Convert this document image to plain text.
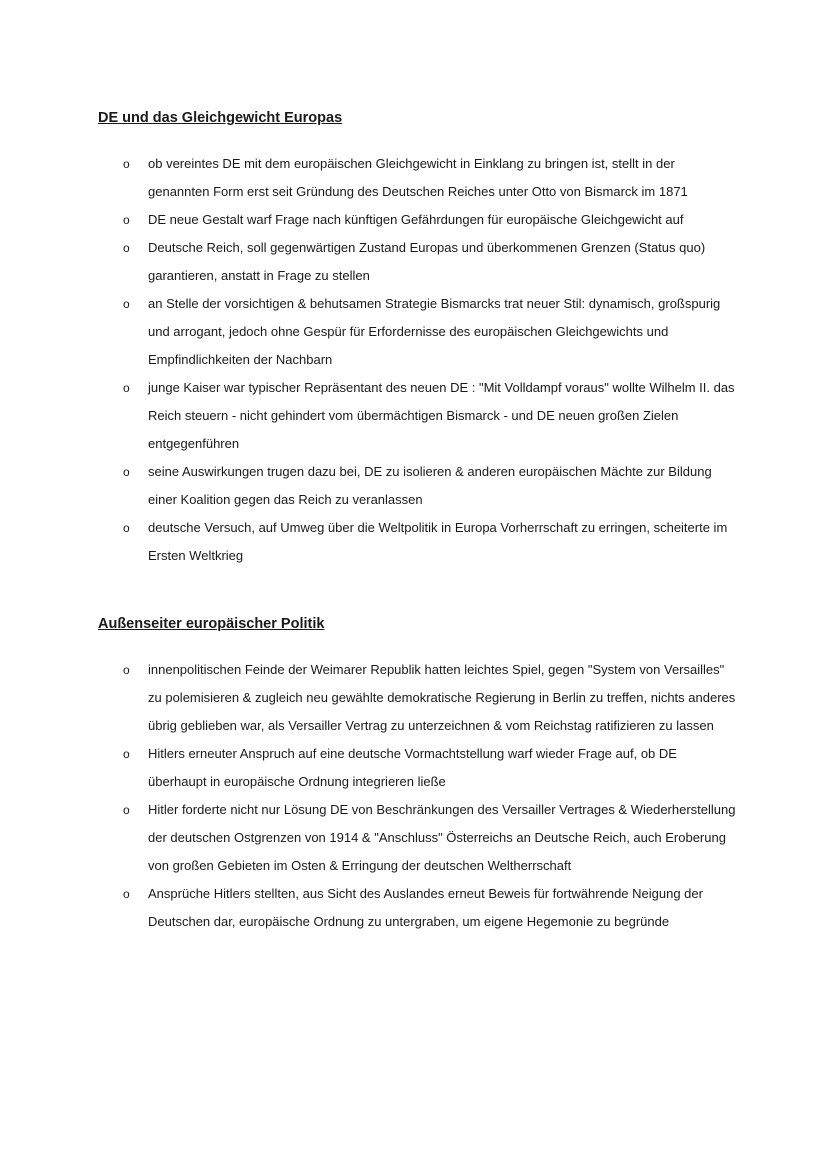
DE und das Gleichgewicht Europas
o ob vereintes DE mit dem europäischen Gleichgewicht in Einklang zu bringen ist, stellt in der genannten Form erst seit Gründung des Deutschen Reiches unter Otto von Bismarck im 1871
o DE neue Gestalt warf Frage nach künftigen Gefährdungen für europäische Gleichgewicht auf
o Deutsche Reich, soll gegenwärtigen Zustand Europas und überkommenen Grenzen (Status quo) garantieren, anstatt in Frage zu stellen
o an Stelle der vorsichtigen & behutsamen Strategie Bismarcks trat neuer Stil: dynamisch, großspurig und arrogant, jedoch ohne Gespür für Erfordernisse des europäischen Gleichgewichts und Empfindlichkeiten der Nachbarn
o junge Kaiser war typischer Repräsentant des neuen DE : "Mit Volldampf voraus" wollte Wilhelm II. das Reich steuern - nicht gehindert vom übermächtigen Bismarck - und DE neuen großen Zielen entgegenführen
o seine Auswirkungen trugen dazu bei, DE zu isolieren & anderen europäischen Mächte zur Bildung einer Koalition gegen das Reich zu veranlassen
o deutsche Versuch, auf Umweg über die Weltpolitik in Europa Vorherrschaft zu erringen, scheiterte im Ersten Weltkrieg
Außenseiter europäischer Politik
o innenpolitischen Feinde der Weimarer Republik hatten leichtes Spiel, gegen "System von Versailles" zu polemisieren & zugleich neu gewählte demokratische Regierung in Berlin zu treffen, nichts anderes übrig geblieben war, als Versailler Vertrag zu unterzeichnen & vom Reichstag ratifizieren zu lassen
o Hitlers erneuter Anspruch auf eine deutsche Vormachtstellung warf wieder Frage auf, ob DE überhaupt in europäische Ordnung integrieren ließe
o Hitler forderte nicht nur Lösung DE von Beschränkungen des Versailler Vertrages & Wiederherstellung der deutschen Ostgrenzen von 1914 & "Anschluss" Österreichs an Deutsche Reich, auch Eroberung von großen Gebieten im Osten & Erringung der deutschen Weltherrschaft
o Ansprüche Hitlers stellten, aus Sicht des Auslandes erneut Beweis für fortwährende Neigung der Deutschen dar, europäische Ordnung zu untergraben, um eigene Hegemonie zu begründe
